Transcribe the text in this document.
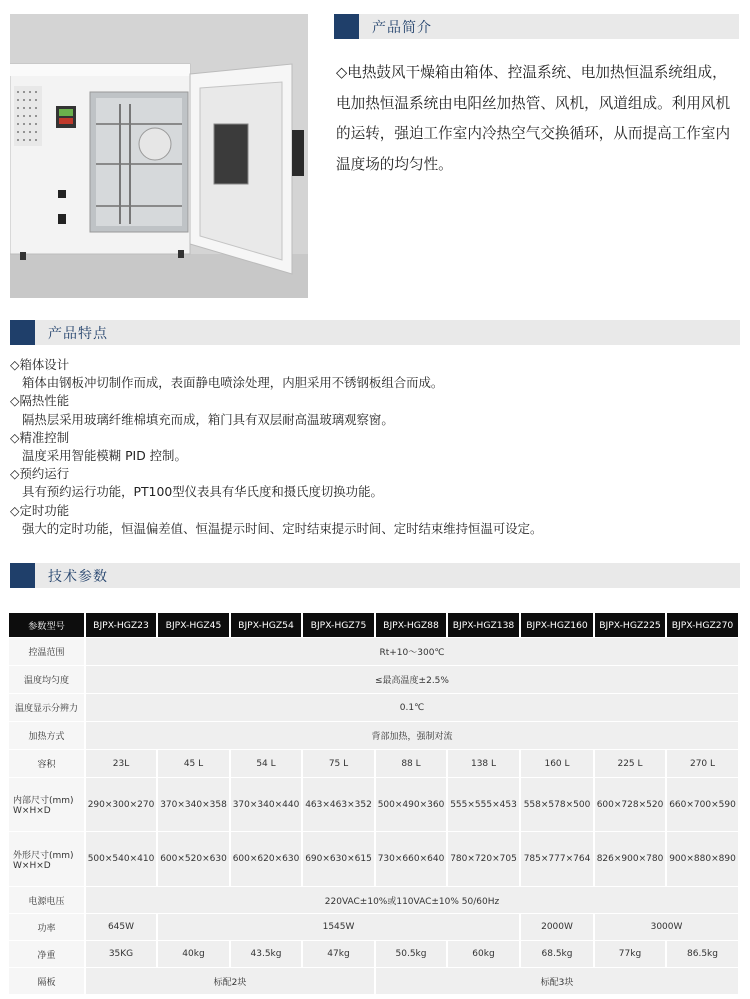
产品简介
◇电热鼓风干燥箱由箱体、控温系统、电加热恒温系统组成，电加热恒温系统由电阳丝加热管、风机，风道组成。利用风机的运转，强迫工作室内冷热空气交换循环，从而提高工作室内温度场的均匀性。
产品特点
◇箱体设计
箱体由钢板冲切制作而成，表面静电喷涂处理，内胆采用不锈钢板组合而成。
◇隔热性能
隔热层采用玻璃纤维棉填充而成，箱门具有双层耐高温玻璃观察窗。
◇精准控制
温度采用智能模糊 PID 控制。
◇预约运行
具有预约运行功能，PT100型仪表具有华氏度和摄氏度切换功能。
◇定时功能
强大的定时功能，恒温偏差值、恒温提示时间、定时结束提示时间、定时结束维持恒温可设定。
技术参数
参数型号	BJPX-HGZ23	BJPX-HGZ45	BJPX-HGZ54	BJPX-HGZ75	BJPX-HGZ88	BJPX-HGZ138	BJPX-HGZ160	BJPX-HGZ225	BJPX-HGZ270
控温范围	Rt+10～300℃								
温度均匀度	≤最高温度±2.5%								
温度显示分辨力	0.1℃								
加热方式	背部加热，强制对流								
容积	23L	45 L	54 L	75 L	88 L	138 L	160 L	225 L	270 L

内部尺寸(mm)
W×H×D	290×300×270	370×340×358	370×340×440	463×463×352	500×490×360	555×555×453	558×578×500	600×728×520	660×700×590

外形尺寸(mm)
W×H×D	500×540×410	600×520×630	600×620×630	690×630×615	730×660×640	780×720×705	785×777×764	826×900×780	900×880×890
电源电压	220VAC±10%或110VAC±10% 50/60Hz								
功率	645W	1545W					2000W	3000W	
净重	35KG	40kg	43.5kg	47kg	50.5kg	60kg	68.5kg	77kg	86.5kg
隔板	标配2块				标配3块				
